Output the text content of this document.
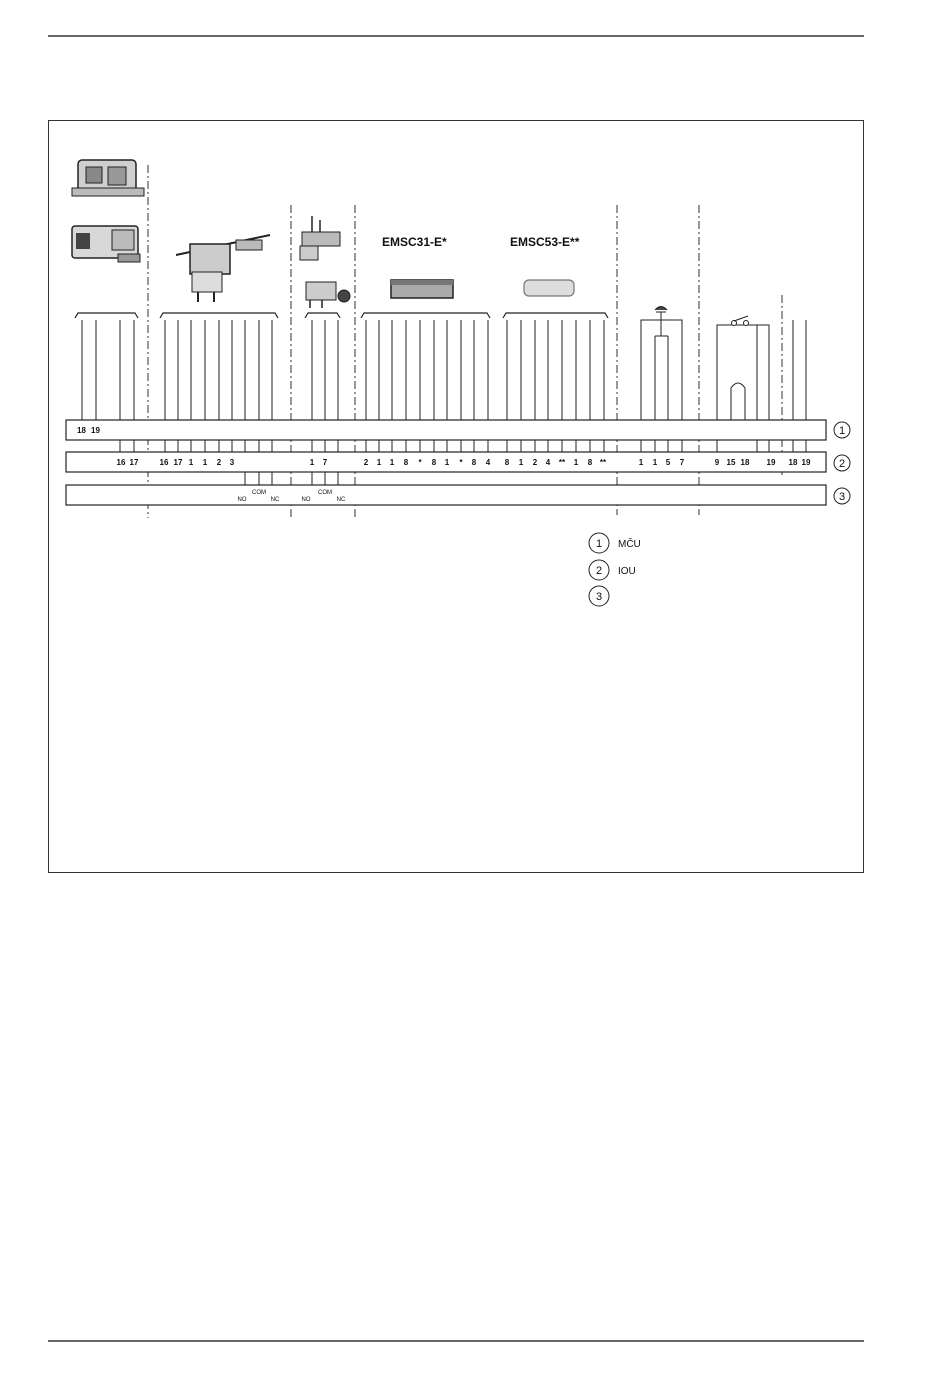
EMSC31-E*	EMSC53-E**
1
2
3
18 19
16 17	16 17 1 1 2 3	1 7	2 1 1 8 * 8 1 * 8 4 8 1 2 4 ** 1 8 **	1 1 5 7	9 15 18 19 18 19
NO
COM
NC	NO
COM
NC
1 MČU
2 IOU
3
